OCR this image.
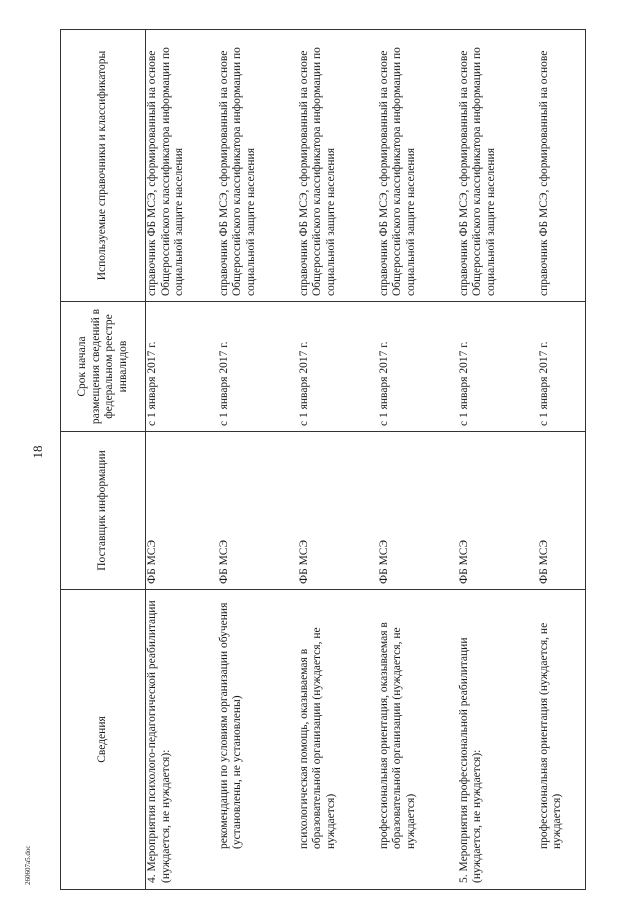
18
260607a5.doc
Сведения	Поставщик информации	Срок начала размещения сведений в федеральном реестре инвалидов	Используемые справочники и классификаторы
4. Мероприятия психолого-педагогической реабилитации (нуждается, не нуждается):	ФБ МСЭ	с 1 января 2017 г.	справочник ФБ МСЭ, сформированный на основе Общероссийского классификатора информации по социальной защите населения
рекомендации по условиям организации обучения (установлены, не установлены)	ФБ МСЭ	с 1 января 2017 г.	справочник ФБ МСЭ, сформированный на основе Общероссийского классификатора информации по социальной защите населения
психологическая помощь, оказываемая в образовательной организации (нуждается, не нуждается)	ФБ МСЭ	с 1 января 2017 г.	справочник ФБ МСЭ, сформированный на основе Общероссийского классификатора информации по социальной защите населения
профессиональная ориентация, оказываемая в образовательной организации (нуждается, не нуждается)	ФБ МСЭ	с 1 января 2017 г.	справочник ФБ МСЭ, сформированный на основе Общероссийского классификатора информации по социальной защите населения
5. Мероприятия профессиональной реабилитации (нуждается, не нуждается):	ФБ МСЭ	с 1 января 2017 г.	справочник ФБ МСЭ, сформированный на основе Общероссийского классификатора информации по социальной защите населения
профессиональная ориентация (нуждается, не нуждается)	ФБ МСЭ	с 1 января 2017 г.	справочник ФБ МСЭ, сформированный на основе
